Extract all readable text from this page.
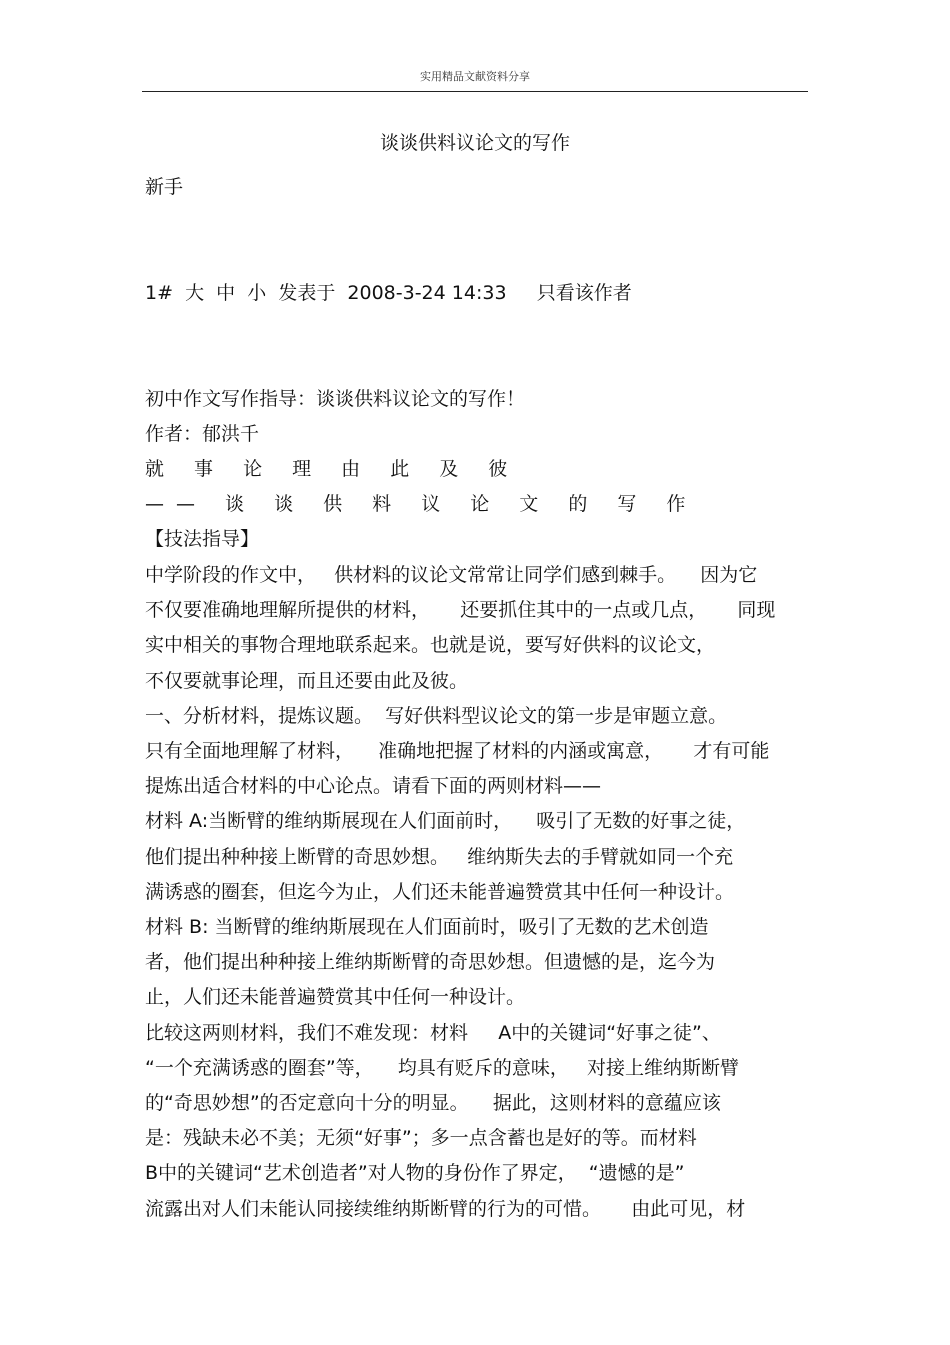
实用精品文献资料分享
谈谈供料议论文的写作
新手
1#  大  中  小  发表于  2008-3-24 14:33     只看该作者
初中作文写作指导：谈谈供料议论文的写作！
作者：郁洪千
就 事 论 理 由 此 及 彼
—— 谈 谈 供 料 议 论 文 的 写 作
【技法指导】
中学阶段的作文中，   供材料的议论文常常让同学们感到棘手。    因为它
不仅要准确地理解所提供的材料，     还要抓住其中的一点或几点，     同现
实中相关的事物合理地联系起来。也就是说，要写好供料的议论文，
不仅要就事论理，而且还要由此及彼。
一、分析材料，提炼议题。  写好供料型议论文的第一步是审题立意。
只有全面地理解了材料，    准确地把握了材料的内涵或寓意，     才有可能
提炼出适合材料的中心论点。请看下面的两则材料——
材料 A:当断臂的维纳斯展现在人们面前时，    吸引了无数的好事之徒，
他们提出种种接上断臂的奇思妙想。   维纳斯失去的手臂就如同一个充
满诱惑的圈套，但迄今为止，人们还未能普遍赞赏其中任何一种设计。
材料 B: 当断臂的维纳斯展现在人们面前时，吸引了无数的艺术创造
者，他们提出种种接上维纳斯断臂的奇思妙想。但遗憾的是，迄今为
止，人们还未能普遍赞赏其中任何一种设计。
比较这两则材料，我们不难发现：材料     A中的关键词“好事之徒”、
“一个充满诱惑的圈套”等，    均具有贬斥的意味，   对接上维纳斯断臂
的“奇思妙想”的否定意向十分的明显。    据此，这则材料的意蕴应该
是：残缺未必不美；无须“好事”；多一点含蓄也是好的等。而材料
B中的关键词“艺术创造者”对人物的身份作了界定，  “遗憾的是”
流露出对人们未能认同接续维纳斯断臂的行为的可惜。     由此可见，材
